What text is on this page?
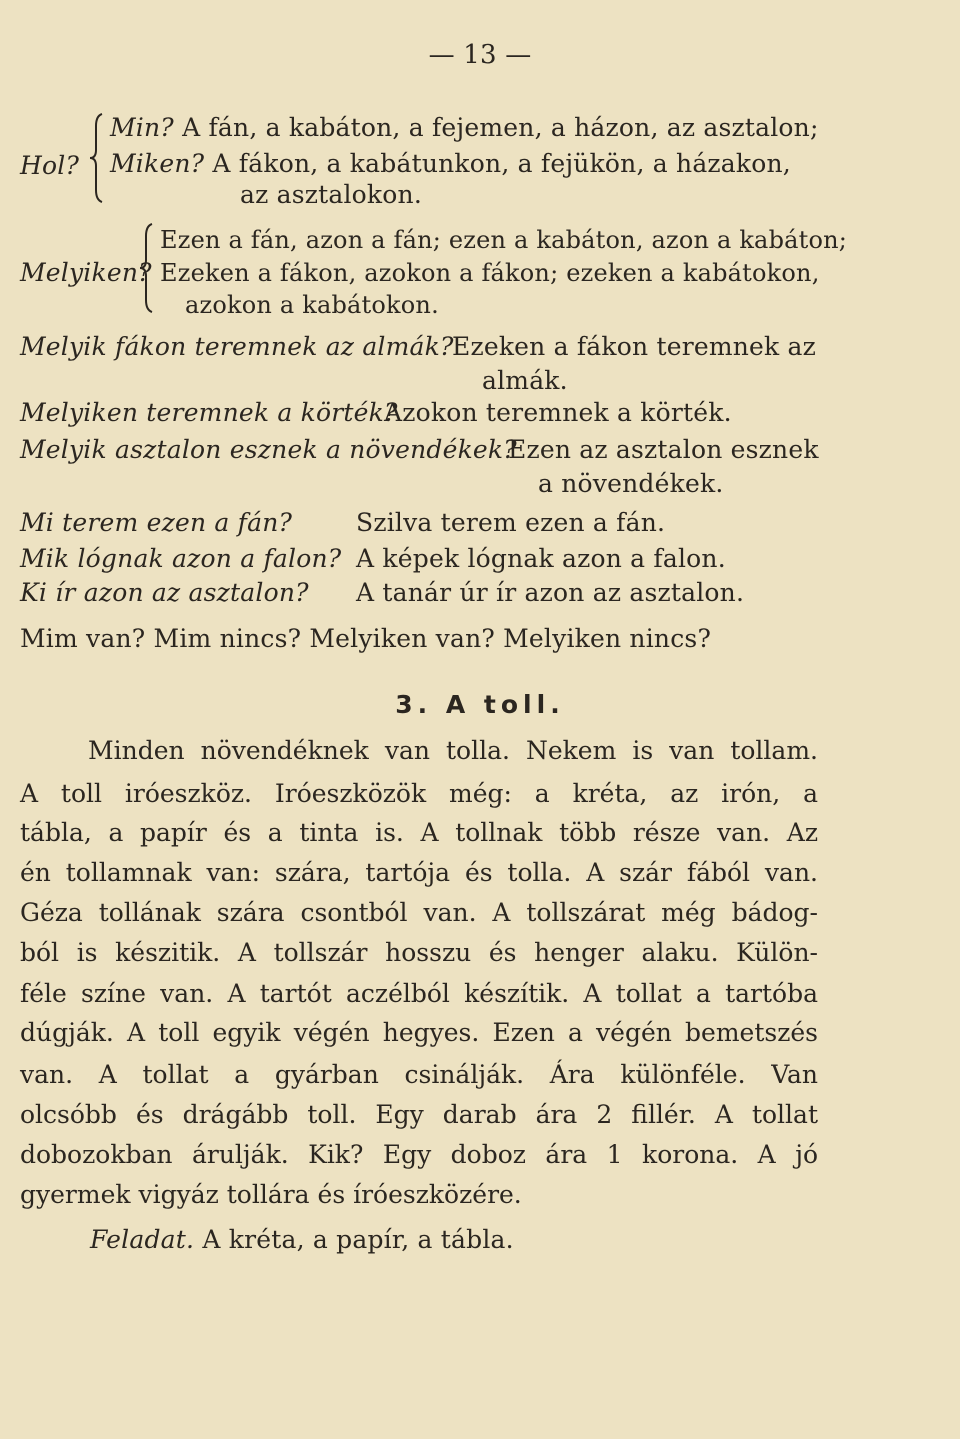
— 13 —
Hol?
Min? A fán, a kabáton, a fejemen, a házon, az asztalon;
Miken? A fákon, a kabátunkon, a fejükön, a házakon,
az asztalokon.
Melyiken?
Ezen a fán, azon a fán; ezen a kabáton, azon a kabáton;
Ezeken a fákon, azokon a fákon; ezeken a kabátokon,
azokon a kabátokon.
Melyik fákon teremnek az almák?
Ezeken a fákon teremnek az
almák.
Melyiken teremnek a körték?
Azokon teremnek a körték.
Melyik asztalon esznek a növendékek?
Ezen az asztalon esznek
a növendékek.
Mi terem ezen a fán?	Szilva terem ezen a fán.
Mik lógnak azon a falon? A képek lógnak azon a falon.
Ki ír azon az asztalon? A tanár úr ír azon az asztalon.
Mim van? Mim nincs? Melyiken van? Melyiken nincs?
3. A toll.
Minden növendéknek van tolla. Nekem is van tollam.
A toll iróeszköz. Iróeszközök még: a kréta, az irón, a
tábla, a papír és a tinta is. A tollnak több része van. Az
én tollamnak van: szára, tartója és tolla. A szár fából van.
Géza tollának szára csontból van. A tollszárat még bádog-
ból is készitik. A tollszár hosszu és henger alaku. Külön-
féle színe van. A tartót aczélból készítik. A tollat a tartóba
dúgják. A toll egyik végén hegyes. Ezen a végén bemetszés
van. A tollat a gyárban csinálják. Ára különféle. Van
olcsóbb és drágább toll. Egy darab ára 2 fillér. A tollat
dobozokban árulják. Kik? Egy doboz ára 1 korona. A jó
gyermek vigyáz tollára és íróeszközére.
Feladat. A kréta, a papír, a tábla.
